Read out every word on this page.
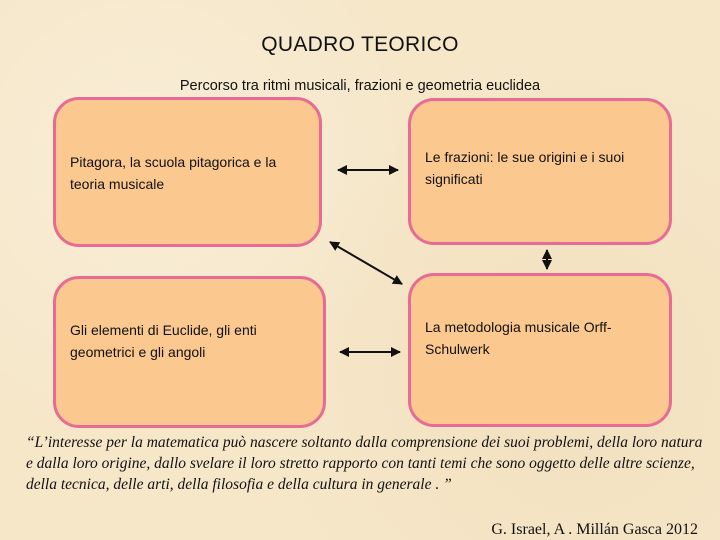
QUADRO TEORICO
Percorso tra ritmi musicali, frazioni e geometria euclidea
Pitagora, la scuola pitagorica e la teoria musicale
Le frazioni: le sue origini e i suoi significati
Gli elementi di Euclide, gli enti geometrici e gli angoli
La metodologia musicale Orff-Schulwerk

“L’interesse per la matematica può nascere soltanto dalla comprensione dei suoi problemi, della loro natura e dalla loro origine, dallo svelare il loro stretto rapporto con tanti temi che sono oggetto delle altre scienze, della tecnica, delle arti, della filosofia e della cultura in generale . ”

G. Israel, A . Millán Gasca 2012
